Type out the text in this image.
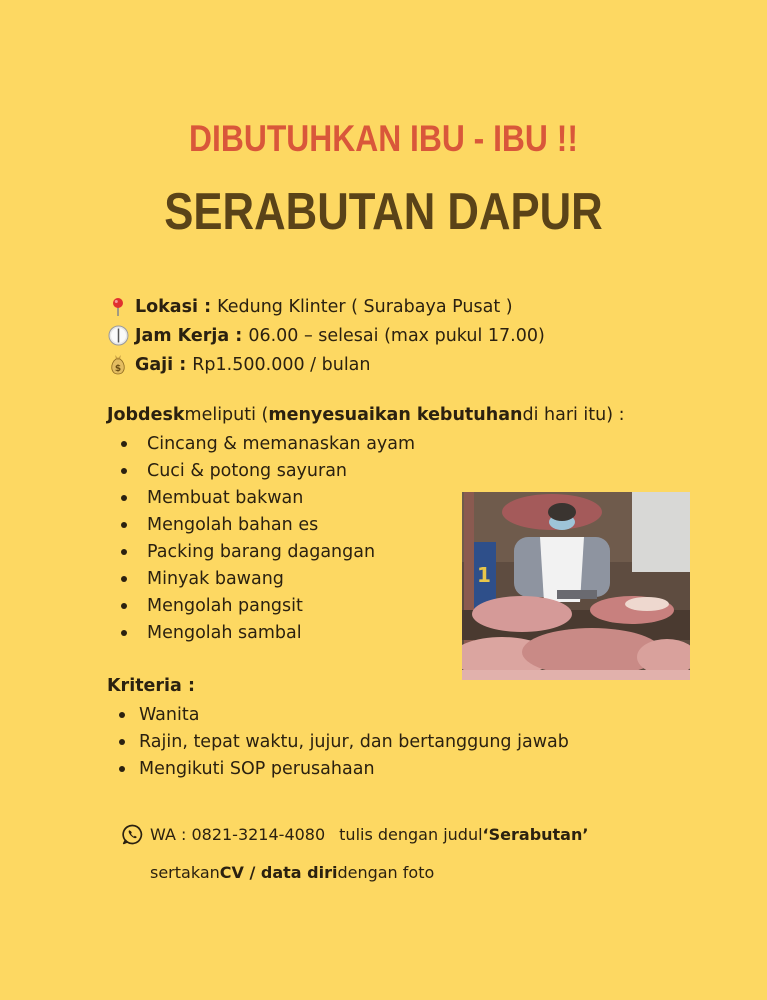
DIBUTUHKAN IBU - IBU !!
SERABUTAN DAPUR
Lokasi : Kedung Klinter ( Surabaya Pusat )
Jam Kerja : 06.00 – selesai (max pukul 17.00)
$ Gaji : Rp1.500.000 / bulan
Jobdesk meliputi ( menyesuaikan kebutuhan di hari itu) :
Cincang & memanaskan ayam
Cuci & potong sayuran
Membuat bakwan
Mengolah bahan es
Packing barang dagangan
Minyak bawang
Mengolah pangsit
Mengolah sambal
1
Kriteria :
Wanita
Rajin, tepat waktu, jujur, dan bertanggung jawab
Mengikuti SOP perusahaan
WA : 0821-3214-4080 tulis dengan judul ‘Serabutan’
sertakan CV / data diri dengan foto
